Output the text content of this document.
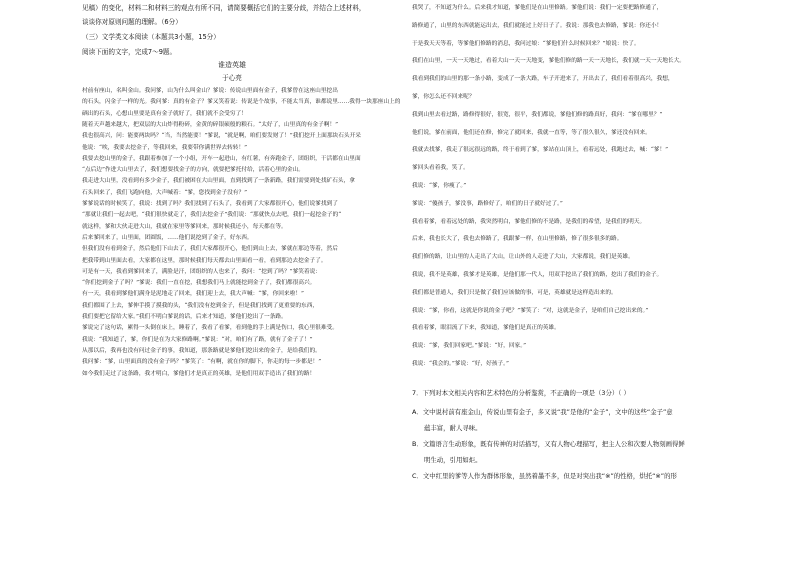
见稿）的变化，材料二和材料三的观点有所不同，请简要概括它们的主要分歧，并结合上述材料，
谈谈你对原则问题的理解。（6分）
（三）文学类文本阅读（本题共3小题，15分）
阅读下面的文字，完成7～9题。
谁造英雄
于心亮
村前有座山，名叫金山。我问爹，山为什么叫金山？爹说：传说山里面有金子，我爹曾在这座山里挖出
的石头，闪金子一样的光。我问爹：真的有金子？爹又笑着说：传说是个故事，不能太当真，谁都说里……我得一块那座山上的
硒出的石头，心想山里要是真有金子就好了，我们就不会受穷了！
随着天声越来越大，把双层的大山炸得粉碎，金黄的碎银硕般的粮石。“太好了，山里真的有金子啊！”
我也很高兴，问：能要两块吗？“当，当然能要！”爹说，“就是啊，咱们要发财了！”我们挖开上面那块石头开采
他说：“唉，我要去挖金子，等我回来，我要带你满世界去转转！”
我要去挖山里的金子，我跟着参加了一个小组，开车一起进山，有红薯，有奔跑金子，团组织，干活都在山里面
“点后边”作进大山里去了，我们想要找金子的方向，就要把爹托付给，活着心里的金山。
我走进大山里，没看到有多少金子，我们被困在大山里面，直到找到了一条新路，我们需要到处找矿石头，拿
石头回来了，我们飞跑向他，大声喊着：“爹，您找到金子没有？”
爹爹说话的时候笑了，我说：找到了吗？我们找到了石头了，我看到了大家都很开心，他们说爹找到了
“那就让我们一起去吧，“我们很快就走了，我们去挖金子”我们说：“那就快点去吧，我们一起挖金子的“
就这样，爹和大伙走进大山，我就在家里等爹回来，那时候我还小，每天都在等。
后来爹回来了，山里面，团圆饭，……他们说挖到了金子，好东西。
但我们没有看到金子，然后他们下山去了，我们大家都很开心，他们到山上去，爹就在那边等着，然后
把我带到山里面去看，大家都在这里，那时候我们每天都去山里面看一看，看到那边去挖金子了。
可是有一天，我看到爹回来了，满脸是汗，团组织的人也来了，我问：“挖到了吗？”爹笑着说：
“你们挖到金子了吗？”爹说：我们一直在挖，我想我们马上就能挖到金子了，我们都很高兴。
有一天，我看到爹他们满身是泥地走了回来，我们迎上去，我大声喊：“爹，你回来啦！”
我们都围了上去，爹伸手摸了摸我的头，“我们没有挖到金子，但是我们找到了更重要的东西，
我们要把它留给大家。”我们不明白爹说的话，后来才知道，爹他们挖出了一条路。
爹说完了这句话，累得一头倒在床上，睡着了，我看了看爹，看到他的手上满是伤口，我心里很难受。
我说：“我知道了，爹，你们是在为大家修路啊。”爹说：“对，咱们有了路，就有了金子了！”
从那以后，我再也没有问过金子的事，我知道，那条路就是爹他们挖出来的金子，是给我们的。
我问爹：“爹，山里面真的没有金子吗？”爹笑了：“有啊，就在你的脚下，你走的每一步都是！”
如今我们走过了这条路，我才明白，爹他们才是真正的英雄，是他们用双手造出了我们的路！
7．下列对本文相关内容和艺术特色的分析鉴赏，不正确的一项是（3分）（ ）
A．文中说村前有座金山，传说山里有金子，多又说“我”是他的“金子”，文中的这些“金子”意
蕴丰富，耐人寻味。
B．文篇语言生动形象，既有传神的对话描写，又有人物心理描写，把主人公和次要人物刻画得鲜
明生动，引用如炬。
C．文中红里的爹等人作为群体形象，虽然着墨不多，但是对突出我“※”的性格，烘托“※”的形
我哭了，不知道为什么。后来我才知道，爹他们是在山里修路。爹他们说：我们一定要把路修通了，
路修通了，山里的东西就能运出去，我们就能过上好日子了。我说：那我也去修路，爹说：你还小！
于是我天天等着，等爹他们修路的消息，我问过娘：“爹他们什么时候回来？”娘说：快了。
我们在山里，一天一天地过，看着大山一天一天地变，爹他们修的路一天一天地长，我们就一天一天地长大。
我看到我们的山里的那一条小路，变成了一条大路，车子开进来了，开出去了，我们看着很高兴，我想，
爹，你怎么还不回来呢？
我到山里去看过路，路修得很好，很宽，很平，我们都说，爹他们修的路真好，我问：“爹在哪里？”
他们说，爹在前面，他们还在修，修完了就回来，我就一直等，等了很久很久，爹还没有回来。
我就去找爹，我走了很远很远的路，终于看到了爹，爹站在山顶上，看着远处，我跑过去，喊：“爹！”
爹回头看着我，笑了。
我说：“爹，你瘦了。”
爹说：“傻孩子，爹没事，路修好了，咱们的日子就好过了。”
我看着爹，看着远处的路，我突然明白，爹他们修的不是路，是我们的希望，是我们的明天。
后来，我也长大了，我也去修路了，我跟爹一样，在山里修路，修了很多很多的路。
我们修的路，让山里的人走出了大山，让山外的人走进了大山，大家都说，我们是英雄。
我说，我不是英雄，我爹才是英雄，是他们那一代人，用双手挖出了我们的路，挖出了我们的金子。
我们都是普通人，我们只是做了我们应该做的事，可是，英雄就是这样造出来的。
我说：“爹，你看，这就是你说的金子吧？”爹笑了：“对，这就是金子，是咱们自己挖出来的。”
我看着爹，眼泪流了下来，我知道，爹他们是真正的英雄。
我说：“爹，我们回家吧。”爹说：“好，回家。”
我说：“我会的。”爹说：“好，好孩子。”
